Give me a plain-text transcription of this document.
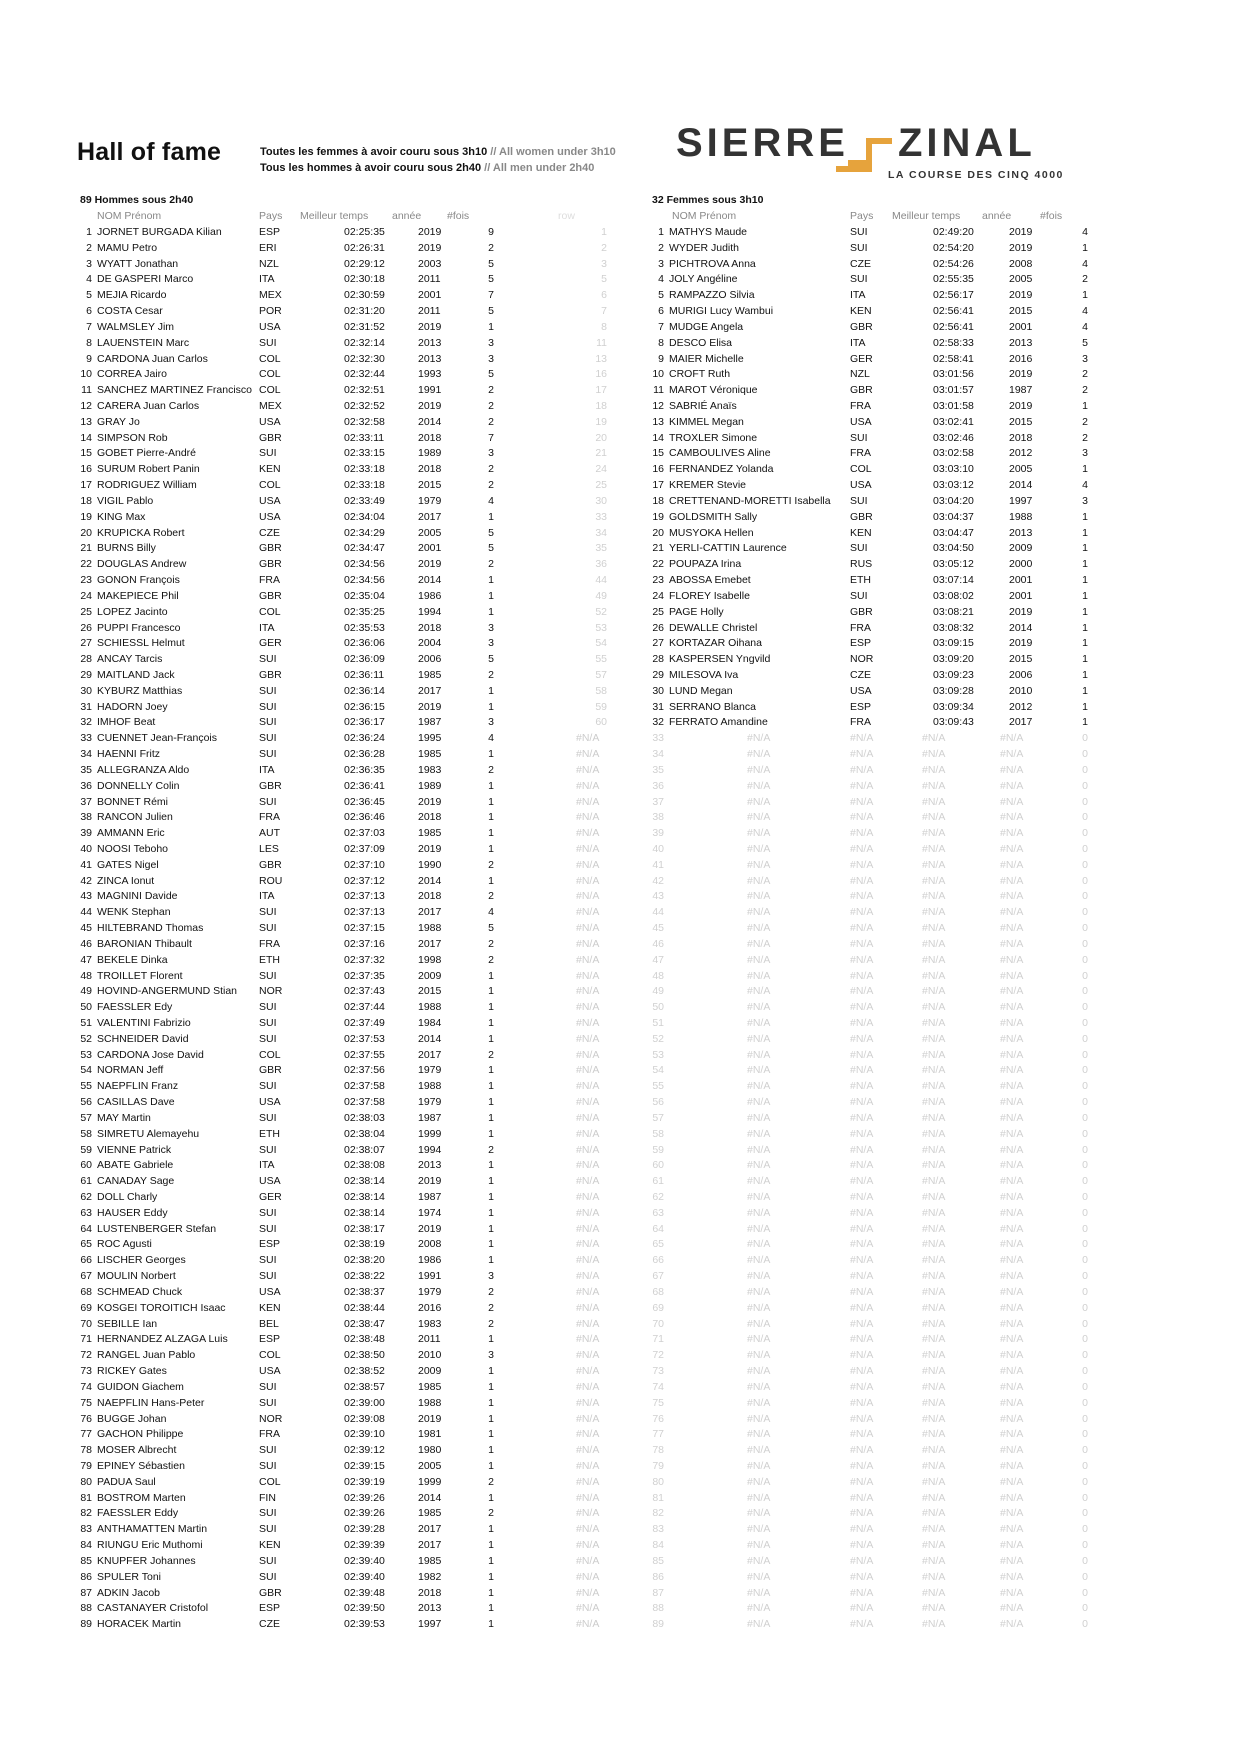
Hall of fame	Toutes les femmes à avoir couru sous 3h10 // All women under 3h10
Tous les hommes à avoir couru sous 2h40 // All men under 2h40
SIERRE ZINAL
LA COURSE DES CINQ 4000
89 Hommes sous 2h40	32 Femmes sous 3h10
NOM Prénom	Pays Meilleur temps année #fois	row	NOM Prénom	Pays Meilleur temps année	#fois
1 JORNET BURGADA Kilian	ESP	02:25:35	2019	9	1
2 MAMU Petro	ERI	02:26:31	2019	2	2
3 WYATT Jonathan	NZL	02:29:12	2003	5	3
4 DE GASPERI Marco	ITA	02:30:18	2011	5	5
5 MEJIA Ricardo	MEX	02:30:59	2001	7	6
6 COSTA Cesar	POR	02:31:20	2011	5	7
7 WALMSLEY Jim	USA	02:31:52	2019	1	8
8 LAUENSTEIN Marc	SUI	02:32:14	2013	3	11
9 CARDONA Juan Carlos	COL	02:32:30	2013	3	13
10 CORREA Jairo	COL	02:32:44	1993	5	16
11 SANCHEZ MARTINEZ Francisco COL	02:32:51	1991	2	17
12 CARERA Juan Carlos	MEX	02:32:52	2019	2	18
13 GRAY Jo	USA	02:32:58	2014	2	19
14 SIMPSON Rob	GBR	02:33:11	2018	7	20
15 GOBET Pierre-André	SUI	02:33:15	1989	3	21
16 SURUM Robert Panin	KEN	02:33:18	2018	2	24
17 RODRIGUEZ William	COL	02:33:18	2015	2	25
18 VIGIL Pablo	USA	02:33:49	1979	4	30
19 KING Max	USA	02:34:04	2017	1	33
20 KRUPICKA Robert	CZE	02:34:29	2005	5	34
21 BURNS Billy	GBR	02:34:47	2001	5	35
22 DOUGLAS Andrew	GBR	02:34:56	2019	2	36
23 GONON François	FRA	02:34:56	2014	1	44
24 MAKEPIECE Phil	GBR	02:35:04	1986	1	49
25 LOPEZ Jacinto	COL	02:35:25	1994	1	52
26 PUPPI Francesco	ITA	02:35:53	2018	3	53
27 SCHIESSL Helmut	GER	02:36:06	2004	3	54
28 ANCAY Tarcis	SUI	02:36:09	2006	5	55
29 MAITLAND Jack	GBR	02:36:11	1985	2	57
30 KYBURZ Matthias	SUI	02:36:14	2017	1	58
31 HADORN Joey	SUI	02:36:15	2019	1	59
32 IMHOF Beat	SUI	02:36:17	1987	3	60
33 CUENNET Jean-François	SUI	02:36:24	1995	4	#N/A
34 HAENNI Fritz	SUI	02:36:28	1985	1	#N/A
35 ALLEGRANZA Aldo	ITA	02:36:35	1983	2	#N/A
36 DONNELLY Colin	GBR	02:36:41	1989	1	#N/A
37 BONNET Rémi	SUI	02:36:45	2019	1	#N/A
38 RANCON Julien	FRA	02:36:46	2018	1	#N/A
39 AMMANN Eric	AUT	02:37:03	1985	1	#N/A
40 NOOSI Teboho	LES	02:37:09	2019	1	#N/A
41 GATES Nigel	GBR	02:37:10	1990	2	#N/A
42 ZINCA Ionut	ROU	02:37:12	2014	1	#N/A
43 MAGNINI Davide	ITA	02:37:13	2018	2	#N/A
44 WENK Stephan	SUI	02:37:13	2017	4	#N/A
45 HILTEBRAND Thomas	SUI	02:37:15	1988	5	#N/A
46 BARONIAN Thibault	FRA	02:37:16	2017	2	#N/A
47 BEKELE Dinka	ETH	02:37:32	1998	2	#N/A
48 TROILLET Florent	SUI	02:37:35	2009	1	#N/A
49 HOVIND-ANGERMUND Stian NOR	02:37:43	2015	1	#N/A
50 FAESSLER Edy	SUI	02:37:44	1988	1	#N/A
51 VALENTINI Fabrizio	SUI	02:37:49	1984	1	#N/A
52 SCHNEIDER David	SUI	02:37:53	2014	1	#N/A
53 CARDONA Jose David	COL	02:37:55	2017	2	#N/A
54 NORMAN Jeff	GBR	02:37:56	1979	1	#N/A
55 NAEPFLIN Franz	SUI	02:37:58	1988	1	#N/A
56 CASILLAS Dave	USA	02:37:58	1979	1	#N/A
57 MAY Martin	SUI	02:38:03	1987	1	#N/A
58 SIMRETU Alemayehu	ETH	02:38:04	1999	1	#N/A
59 VIENNE Patrick	SUI	02:38:07	1994	2	#N/A
60 ABATE Gabriele	ITA	02:38:08	2013	1	#N/A
61 CANADAY Sage	USA	02:38:14	2019	1	#N/A
62 DOLL Charly	GER	02:38:14	1987	1	#N/A
63 HAUSER Eddy	SUI	02:38:14	1974	1	#N/A
64 LUSTENBERGER Stefan	SUI	02:38:17	2019	1	#N/A
65 ROC Agusti	ESP	02:38:19	2008	1	#N/A
66 LISCHER Georges	SUI	02:38:20	1986	1	#N/A
67 MOULIN Norbert	SUI	02:38:22	1991	3	#N/A
68 SCHMEAD Chuck	USA	02:38:37	1979	2	#N/A
69 KOSGEI TOROITICH Isaac	KEN	02:38:44	2016	2	#N/A
70 SEBILLE Ian	BEL	02:38:47	1983	2	#N/A
71 HERNANDEZ ALZAGA Luis	ESP	02:38:48	2011	1	#N/A
72 RANGEL Juan Pablo	COL	02:38:50	2010	3	#N/A
73 RICKEY Gates	USA	02:38:52	2009	1	#N/A
74 GUIDON Giachem	SUI	02:38:57	1985	1	#N/A
75 NAEPFLIN Hans-Peter	SUI	02:39:00	1988	1	#N/A
76 BUGGE Johan	NOR	02:39:08	2019	1	#N/A
77 GACHON Philippe	FRA	02:39:10	1981	1	#N/A
78 MOSER Albrecht	SUI	02:39:12	1980	1	#N/A
79 EPINEY Sébastien	SUI	02:39:15	2005	1	#N/A
80 PADUA Saul	COL	02:39:19	1999	2	#N/A
81 BOSTROM Marten	FIN	02:39:26	2014	1	#N/A
82 FAESSLER Eddy	SUI	02:39:26	1985	2	#N/A
83 ANTHAMATTEN Martin	SUI	02:39:28	2017	1	#N/A
84 RIUNGU Eric Muthomi	KEN	02:39:39	2017	1	#N/A
85 KNUPFER Johannes	SUI	02:39:40	1985	1	#N/A
86 SPULER Toni	SUI	02:39:40	1982	1	#N/A
87 ADKIN Jacob	GBR	02:39:48	2018	1	#N/A
88 CASTANAYER Cristofol	ESP	02:39:50	2013	1	#N/A
89 HORACEK Martin	CZE	02:39:53	1997	1	#N/A
1 MATHYS Maude	SUI	02:49:20	2019	4
2 WYDER Judith	SUI	02:54:20	2019	1
3 PICHTROVA Anna	CZE	02:54:26	2008	4
4 JOLY Angéline	SUI	02:55:35	2005	2
5 RAMPAZZO Silvia	ITA	02:56:17	2019	1
6 MURIGI Lucy Wambui	KEN	02:56:41	2015	4
7 MUDGE Angela	GBR	02:56:41	2001	4
8 DESCO Elisa	ITA	02:58:33	2013	5
9 MAIER Michelle	GER	02:58:41	2016	3
10 CROFT Ruth	NZL	03:01:56	2019	2
11 MAROT Véronique	GBR	03:01:57	1987	2
12 SABRIÉ Anaïs	FRA	03:01:58	2019	1
13 KIMMEL Megan	USA	03:02:41	2015	2
14 TROXLER Simone	SUI	03:02:46	2018	2
15 CAMBOULIVES Aline	FRA	03:02:58	2012	3
16 FERNANDEZ Yolanda	COL	03:03:10	2005	1
17 KREMER Stevie	USA	03:03:12	2014	4
18 CRETTENAND-MORETTI Isabella SUI	03:04:20	1997	3
19 GOLDSMITH Sally	GBR	03:04:37	1988	1
20 MUSYOKA Hellen	KEN	03:04:47	2013	1
21 YERLI-CATTIN Laurence	SUI	03:04:50	2009	1
22 POUPAZA Irina	RUS	03:05:12	2000	1
23 ABOSSA Emebet	ETH	03:07:14	2001	1
24 FLOREY Isabelle	SUI	03:08:02	2001	1
25 PAGE Holly	GBR	03:08:21	2019	1
26 DEWALLE Christel	FRA	03:08:32	2014	1
27 KORTAZAR Oihana	ESP	03:09:15	2019	1
28 KASPERSEN Yngvild	NOR	03:09:20	2015	1
29 MILESOVA Iva	CZE	03:09:23	2006	1
30 LUND Megan	USA	03:09:28	2010	1
31 SERRANO Blanca	ESP	03:09:34	2012	1
32 FERRATO Amandine	FRA	03:09:43	2017	1
33	#N/A	#N/A	#N/A	#N/A	0
34	#N/A	#N/A	#N/A	#N/A	0
35	#N/A	#N/A	#N/A	#N/A	0
36	#N/A	#N/A	#N/A	#N/A	0
37	#N/A	#N/A	#N/A	#N/A	0
38	#N/A	#N/A	#N/A	#N/A	0
39	#N/A	#N/A	#N/A	#N/A	0
40	#N/A	#N/A	#N/A	#N/A	0
41	#N/A	#N/A	#N/A	#N/A	0
42	#N/A	#N/A	#N/A	#N/A	0
43	#N/A	#N/A	#N/A	#N/A	0
44	#N/A	#N/A	#N/A	#N/A	0
45	#N/A	#N/A	#N/A	#N/A	0
46	#N/A	#N/A	#N/A	#N/A	0
47	#N/A	#N/A	#N/A	#N/A	0
48	#N/A	#N/A	#N/A	#N/A	0
49	#N/A	#N/A	#N/A	#N/A	0
50	#N/A	#N/A	#N/A	#N/A	0
51	#N/A	#N/A	#N/A	#N/A	0
52	#N/A	#N/A	#N/A	#N/A	0
53	#N/A	#N/A	#N/A	#N/A	0
54	#N/A	#N/A	#N/A	#N/A	0
55	#N/A	#N/A	#N/A	#N/A	0
56	#N/A	#N/A	#N/A	#N/A	0
57	#N/A	#N/A	#N/A	#N/A	0
58	#N/A	#N/A	#N/A	#N/A	0
59	#N/A	#N/A	#N/A	#N/A	0
60	#N/A	#N/A	#N/A	#N/A	0
61	#N/A	#N/A	#N/A	#N/A	0
62	#N/A	#N/A	#N/A	#N/A	0
63	#N/A	#N/A	#N/A	#N/A	0
64	#N/A	#N/A	#N/A	#N/A	0
65	#N/A	#N/A	#N/A	#N/A	0
66	#N/A	#N/A	#N/A	#N/A	0
67	#N/A	#N/A	#N/A	#N/A	0
68	#N/A	#N/A	#N/A	#N/A	0
69	#N/A	#N/A	#N/A	#N/A	0
70	#N/A	#N/A	#N/A	#N/A	0
71	#N/A	#N/A	#N/A	#N/A	0
72	#N/A	#N/A	#N/A	#N/A	0
73	#N/A	#N/A	#N/A	#N/A	0
74	#N/A	#N/A	#N/A	#N/A	0
75	#N/A	#N/A	#N/A	#N/A	0
76	#N/A	#N/A	#N/A	#N/A	0
77	#N/A	#N/A	#N/A	#N/A	0
78	#N/A	#N/A	#N/A	#N/A	0
79	#N/A	#N/A	#N/A	#N/A	0
80	#N/A	#N/A	#N/A	#N/A	0
81	#N/A	#N/A	#N/A	#N/A	0
82	#N/A	#N/A	#N/A	#N/A	0
83	#N/A	#N/A	#N/A	#N/A	0
84	#N/A	#N/A	#N/A	#N/A	0
85	#N/A	#N/A	#N/A	#N/A	0
86	#N/A	#N/A	#N/A	#N/A	0
87	#N/A	#N/A	#N/A	#N/A	0
88	#N/A	#N/A	#N/A	#N/A	0
89	#N/A	#N/A	#N/A	#N/A	0
